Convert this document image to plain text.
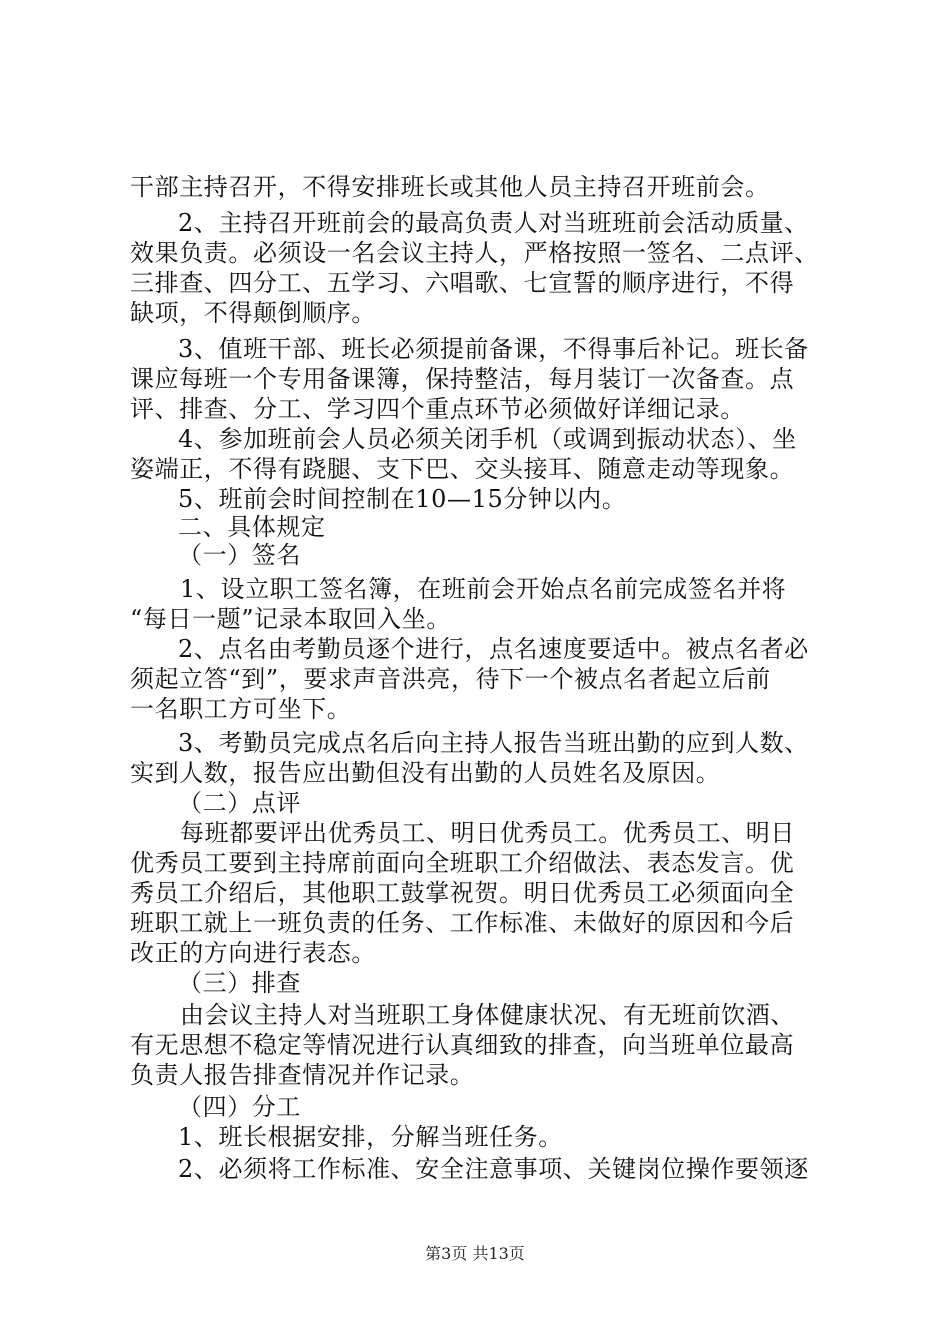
干部主持召开，不得安排班长或其他人员主持召开班前会。
2、主持召开班前会的最高负责人对当班班前会活动质量、
效果负责。必须设一名会议主持人，严格按照一签名、二点评、
三排查、四分工、五学习、六唱歌、七宣誓的顺序进行，不得
缺项，不得颠倒顺序。
3、值班干部、班长必须提前备课，不得事后补记。班长备
课应每班一个专用备课簿，保持整洁，每月装订一次备查。点
评、排查、分工、学习四个重点环节必须做好详细记录。
4、参加班前会人员必须关闭手机（或调到振动状态）、坐
姿端正，不得有跷腿、支下巴、交头接耳、随意走动等现象。
5、班前会时间控制在10—15分钟以内。
二、具体规定
（一）签名
1、设立职工签名簿，在班前会开始点名前完成签名并将
“每日一题”记录本取回入坐。
2、点名由考勤员逐个进行，点名速度要适中。被点名者必
须起立答“到”，要求声音洪亮，待下一个被点名者起立后前
一名职工方可坐下。
3、考勤员完成点名后向主持人报告当班出勤的应到人数、
实到人数，报告应出勤但没有出勤的人员姓名及原因。
（二）点评
每班都要评出优秀员工、明日优秀员工。优秀员工、明日
优秀员工要到主持席前面向全班职工介绍做法、表态发言。优
秀员工介绍后，其他职工鼓掌祝贺。明日优秀员工必须面向全
班职工就上一班负责的任务、工作标准、未做好的原因和今后
改正的方向进行表态。
（三）排查
由会议主持人对当班职工身体健康状况、有无班前饮酒、
有无思想不稳定等情况进行认真细致的排查，向当班单位最高
负责人报告排查情况并作记录。
（四）分工
1、班长根据安排，分解当班任务。
2、必须将工作标准、安全注意事项、关键岗位操作要领逐
第3页 共13页
